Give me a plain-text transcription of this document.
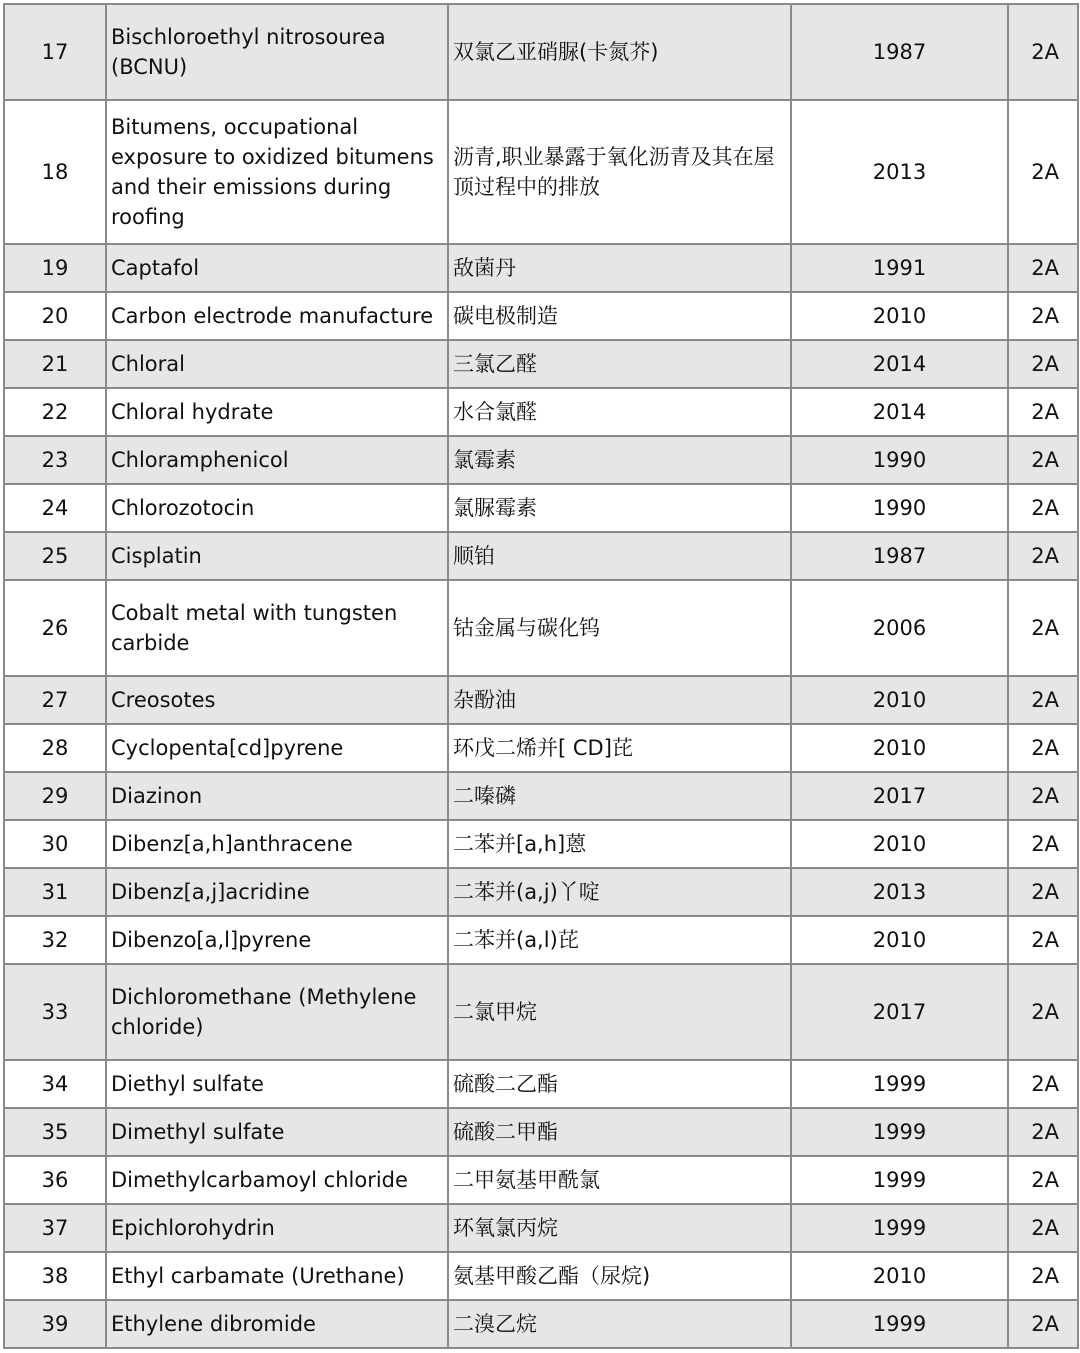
17	Bischloroethyl nitrosourea (BCNU)	双氯乙亚硝脲(卡氮芥)	1987	2A
18	Bitumens, occupational exposure to oxidized bitumens and their emissions during roofing	沥青,职业暴露于氧化沥青及其在屋顶过程中的排放	2013	2A
19	Captafol	敌菌丹	1991	2A
20	Carbon electrode manufacture	碳电极制造	2010	2A
21	Chloral	三氯乙醛	2014	2A
22	Chloral hydrate	水合氯醛	2014	2A
23	Chloramphenicol	氯霉素	1990	2A
24	Chlorozotocin	氯脲霉素	1990	2A
25	Cisplatin	顺铂	1987	2A
26	Cobalt metal with tungsten carbide	钴金属与碳化钨	2006	2A
27	Creosotes	杂酚油	2010	2A
28	Cyclopenta[cd]pyrene	环戊二烯并[ CD]芘	2010	2A
29	Diazinon	二嗪磷	2017	2A
30	Dibenz[a,h]anthracene	二苯并[a,h]蒽	2010	2A
31	Dibenz[a,j]acridine	二苯并(a,j)丫啶	2013	2A
32	Dibenzo[a,l]pyrene	二苯并(a,l)芘	2010	2A
33	Dichloromethane (Methylene chloride)	二氯甲烷	2017	2A
34	Diethyl sulfate	硫酸二乙酯	1999	2A
35	Dimethyl sulfate	硫酸二甲酯	1999	2A
36	Dimethylcarbamoyl chloride	二甲氨基甲酰氯	1999	2A
37	Epichlorohydrin	环氧氯丙烷	1999	2A
38	Ethyl carbamate (Urethane)	氨基甲酸乙酯（尿烷)	2010	2A
39	Ethylene dibromide	二溴乙烷	1999	2A
